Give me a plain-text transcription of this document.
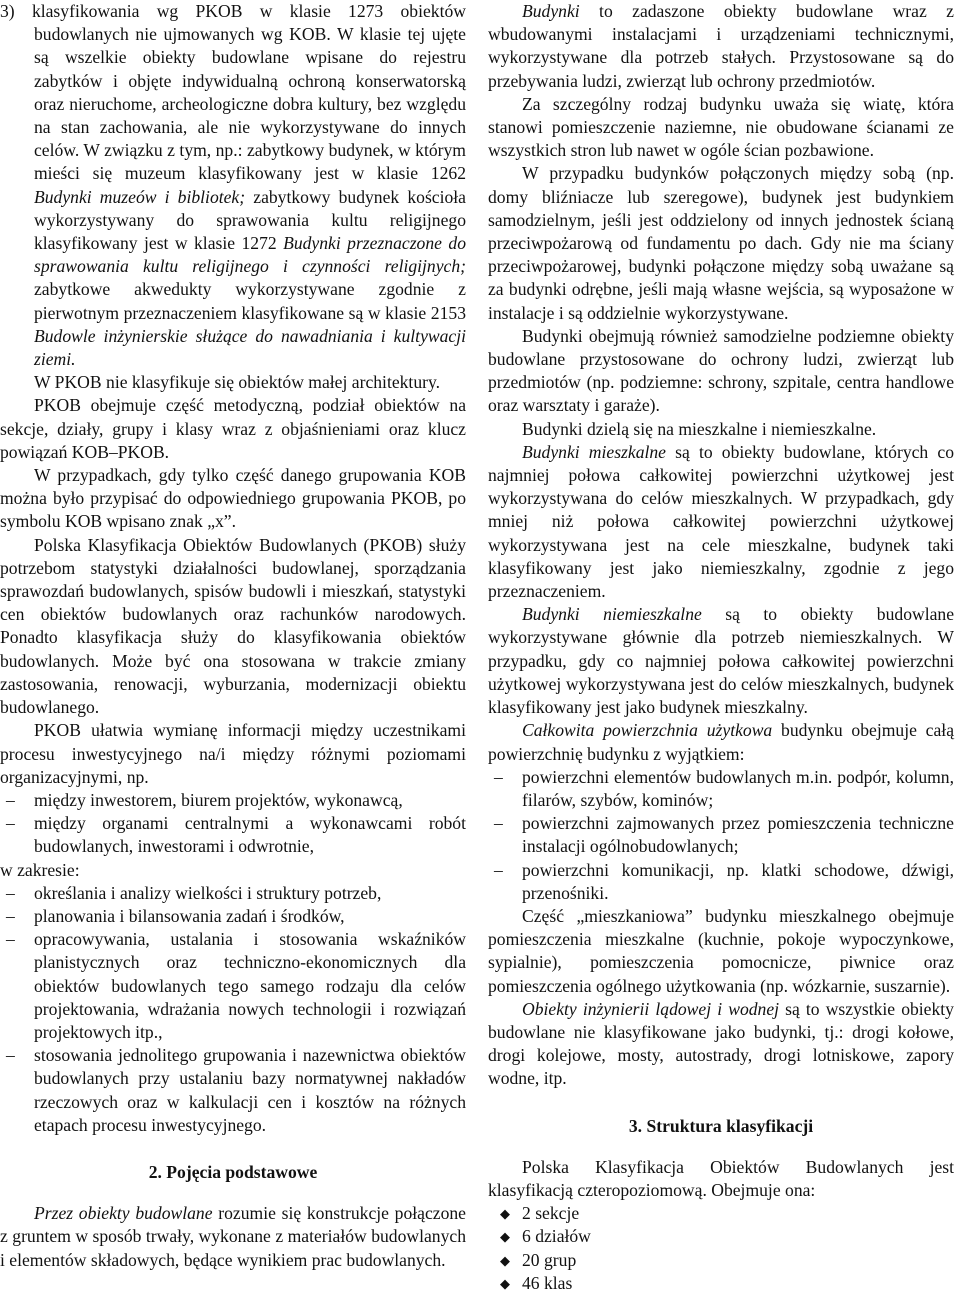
3) klasyfikowania wg PKOB w klasie 1273 obiektów budowlanych nie ujmowanych wg KOB. W klasie tej ujęte są wszelkie obiekty budowlane wpisane do rejestru zabytków i objęte indywidualną ochroną konserwatorską oraz nieruchome, archeologiczne dobra kultury, bez względu na stan zachowania, ale nie wykorzystywane do innych celów. W związku z tym, np.: zabytkowy budynek, w którym mieści się muzeum klasyfikowany jest w klasie 1262 Budynki muzeów i bibliotek; zabytkowy budynek kościoła wykorzystywany do sprawowania kultu religijnego klasyfikowany jest w klasie 1272 Budynki przeznaczone do sprawowania kultu religijnego i czynności religijnych; zabytkowe akwedukty wykorzystywane zgodnie z pierwotnym przeznaczeniem klasyfikowane są w klasie 2153 Budowle inżynierskie służące do nawadniania i kultywacji ziemi.

W PKOB nie klasyfikuje się obiektów małej architektury.

PKOB obejmuje część metodyczną, podział obiektów na sekcje, działy, grupy i klasy wraz z objaśnieniami oraz klucz powiązań KOB–PKOB.

W przypadkach, gdy tylko część danego grupowania KOB można było przypisać do odpowiedniego grupowania PKOB, po symbolu KOB wpisano znak „x”.

Polska Klasyfikacja Obiektów Budowlanych (PKOB) służy potrzebom statystyki działalności budowlanej, sporządzania sprawozdań budowlanych, spisów budowli i mieszkań, statystyki cen obiektów budowlanych oraz rachunków narodowych. Ponadto klasyfikacja służy do klasyfikowania obiektów budowlanych. Może być ona stosowana w trakcie zmiany zastosowania, renowacji, wyburzania, modernizacji obiektu budowlanego.

PKOB ułatwia wymianę informacji między uczestnikami procesu inwestycyjnego na/i między różnymi poziomami organizacyjnymi, np.

– między inwestorem, biurem projektów, wykonawcą,
– między organami centralnymi a wykonawcami robót budowlanych, inwestorami i odwrotnie,

w zakresie:

– określania i analizy wielkości i struktury potrzeb,
– planowania i bilansowania zadań i środków,
– opracowywania, ustalania i stosowania wskaźników planistycznych oraz techniczno-ekonomicznych dla obiektów budowlanych tego samego rodzaju dla celów projektowania, wdrażania nowych technologii i rozwiązań projektowych itp.,
– stosowania jednolitego grupowania i nazewnictwa obiektów budowlanych przy ustalaniu bazy normatywnej nakładów rzeczowych oraz w kalkulacji cen i kosztów na różnych etapach procesu inwestycyjnego.
2. Pojęcia podstawowe

Przez obiekty budowlane rozumie się konstrukcje połączone z gruntem w sposób trwały, wykonane z materiałów budowlanych i elementów składowych, będące wynikiem prac budowlanych.

Budynki to zadaszone obiekty budowlane wraz z wbudowanymi instalacjami i urządzeniami technicznymi, wykorzystywane dla potrzeb stałych. Przystosowane są do przebywania ludzi, zwierząt lub ochrony przedmiotów.

Za szczególny rodzaj budynku uważa się wiatę, która stanowi pomieszczenie naziemne, nie obudowane ścianami ze wszystkich stron lub nawet w ogóle ścian pozbawione.

W przypadku budynków połączonych między sobą (np. domy bliźniacze lub szeregowe), budynek jest budynkiem samodzielnym, jeśli jest oddzielony od innych jednostek ścianą przeciwpożarową od fundamentu po dach. Gdy nie ma ściany przeciwpożarowej, budynki połączone między sobą uważane są za budynki odrębne, jeśli mają własne wejścia, są wyposażone w instalacje i są oddzielnie wykorzystywane.

Budynki obejmują również samodzielne podziemne obiekty budowlane przystosowane do ochrony ludzi, zwierząt lub przedmiotów (np. podziemne: schrony, szpitale, centra handlowe oraz warsztaty i garaże).

Budynki dzielą się na mieszkalne i niemieszkalne.

Budynki mieszkalne są to obiekty budowlane, których co najmniej połowa całkowitej powierzchni użytkowej jest wykorzystywana do celów mieszkalnych. W przypadkach, gdy mniej niż połowa całkowitej powierzchni użytkowej wykorzystywana jest na cele mieszkalne, budynek taki klasyfikowany jest jako niemieszkalny, zgodnie z jego przeznaczeniem.

Budynki niemieszkalne są to obiekty budowlane wykorzystywane głównie dla potrzeb niemieszkalnych. W przypadku, gdy co najmniej połowa całkowitej powierzchni użytkowej wykorzystywana jest do celów mieszkalnych, budynek klasyfikowany jest jako budynek mieszkalny.

Całkowita powierzchnia użytkowa budynku obejmuje całą powierzchnię budynku z wyjątkiem:

– powierzchni elementów budowlanych m.in. podpór, kolumn, filarów, szybów, kominów;
– powierzchni zajmowanych przez pomieszczenia techniczne instalacji ogólnobudowlanych;
– powierzchni komunikacji, np. klatki schodowe, dźwigi, przenośniki.

Część „mieszkaniowa” budynku mieszkalnego obejmuje pomieszczenia mieszkalne (kuchnie, pokoje wypoczynkowe, sypialnie), pomieszczenia pomocnicze, piwnice oraz pomieszczenia ogólnego użytkowania (np. wózkarnie, suszarnie).

Obiekty inżynierii lądowej i wodnej są to wszystkie obiekty budowlane nie klasyfikowane jako budynki, tj.: drogi kołowe, drogi kolejowe, mosty, autostrady, drogi lotniskowe, zapory wodne, itp.

3. Struktura klasyfikacji

Polska Klasyfikacja Obiektów Budowlanych jest klasyfikacją czteropoziomową. Obejmuje ona:

◆ 2 sekcje
◆ 6 działów
◆ 20 grup
◆ 46 klas
